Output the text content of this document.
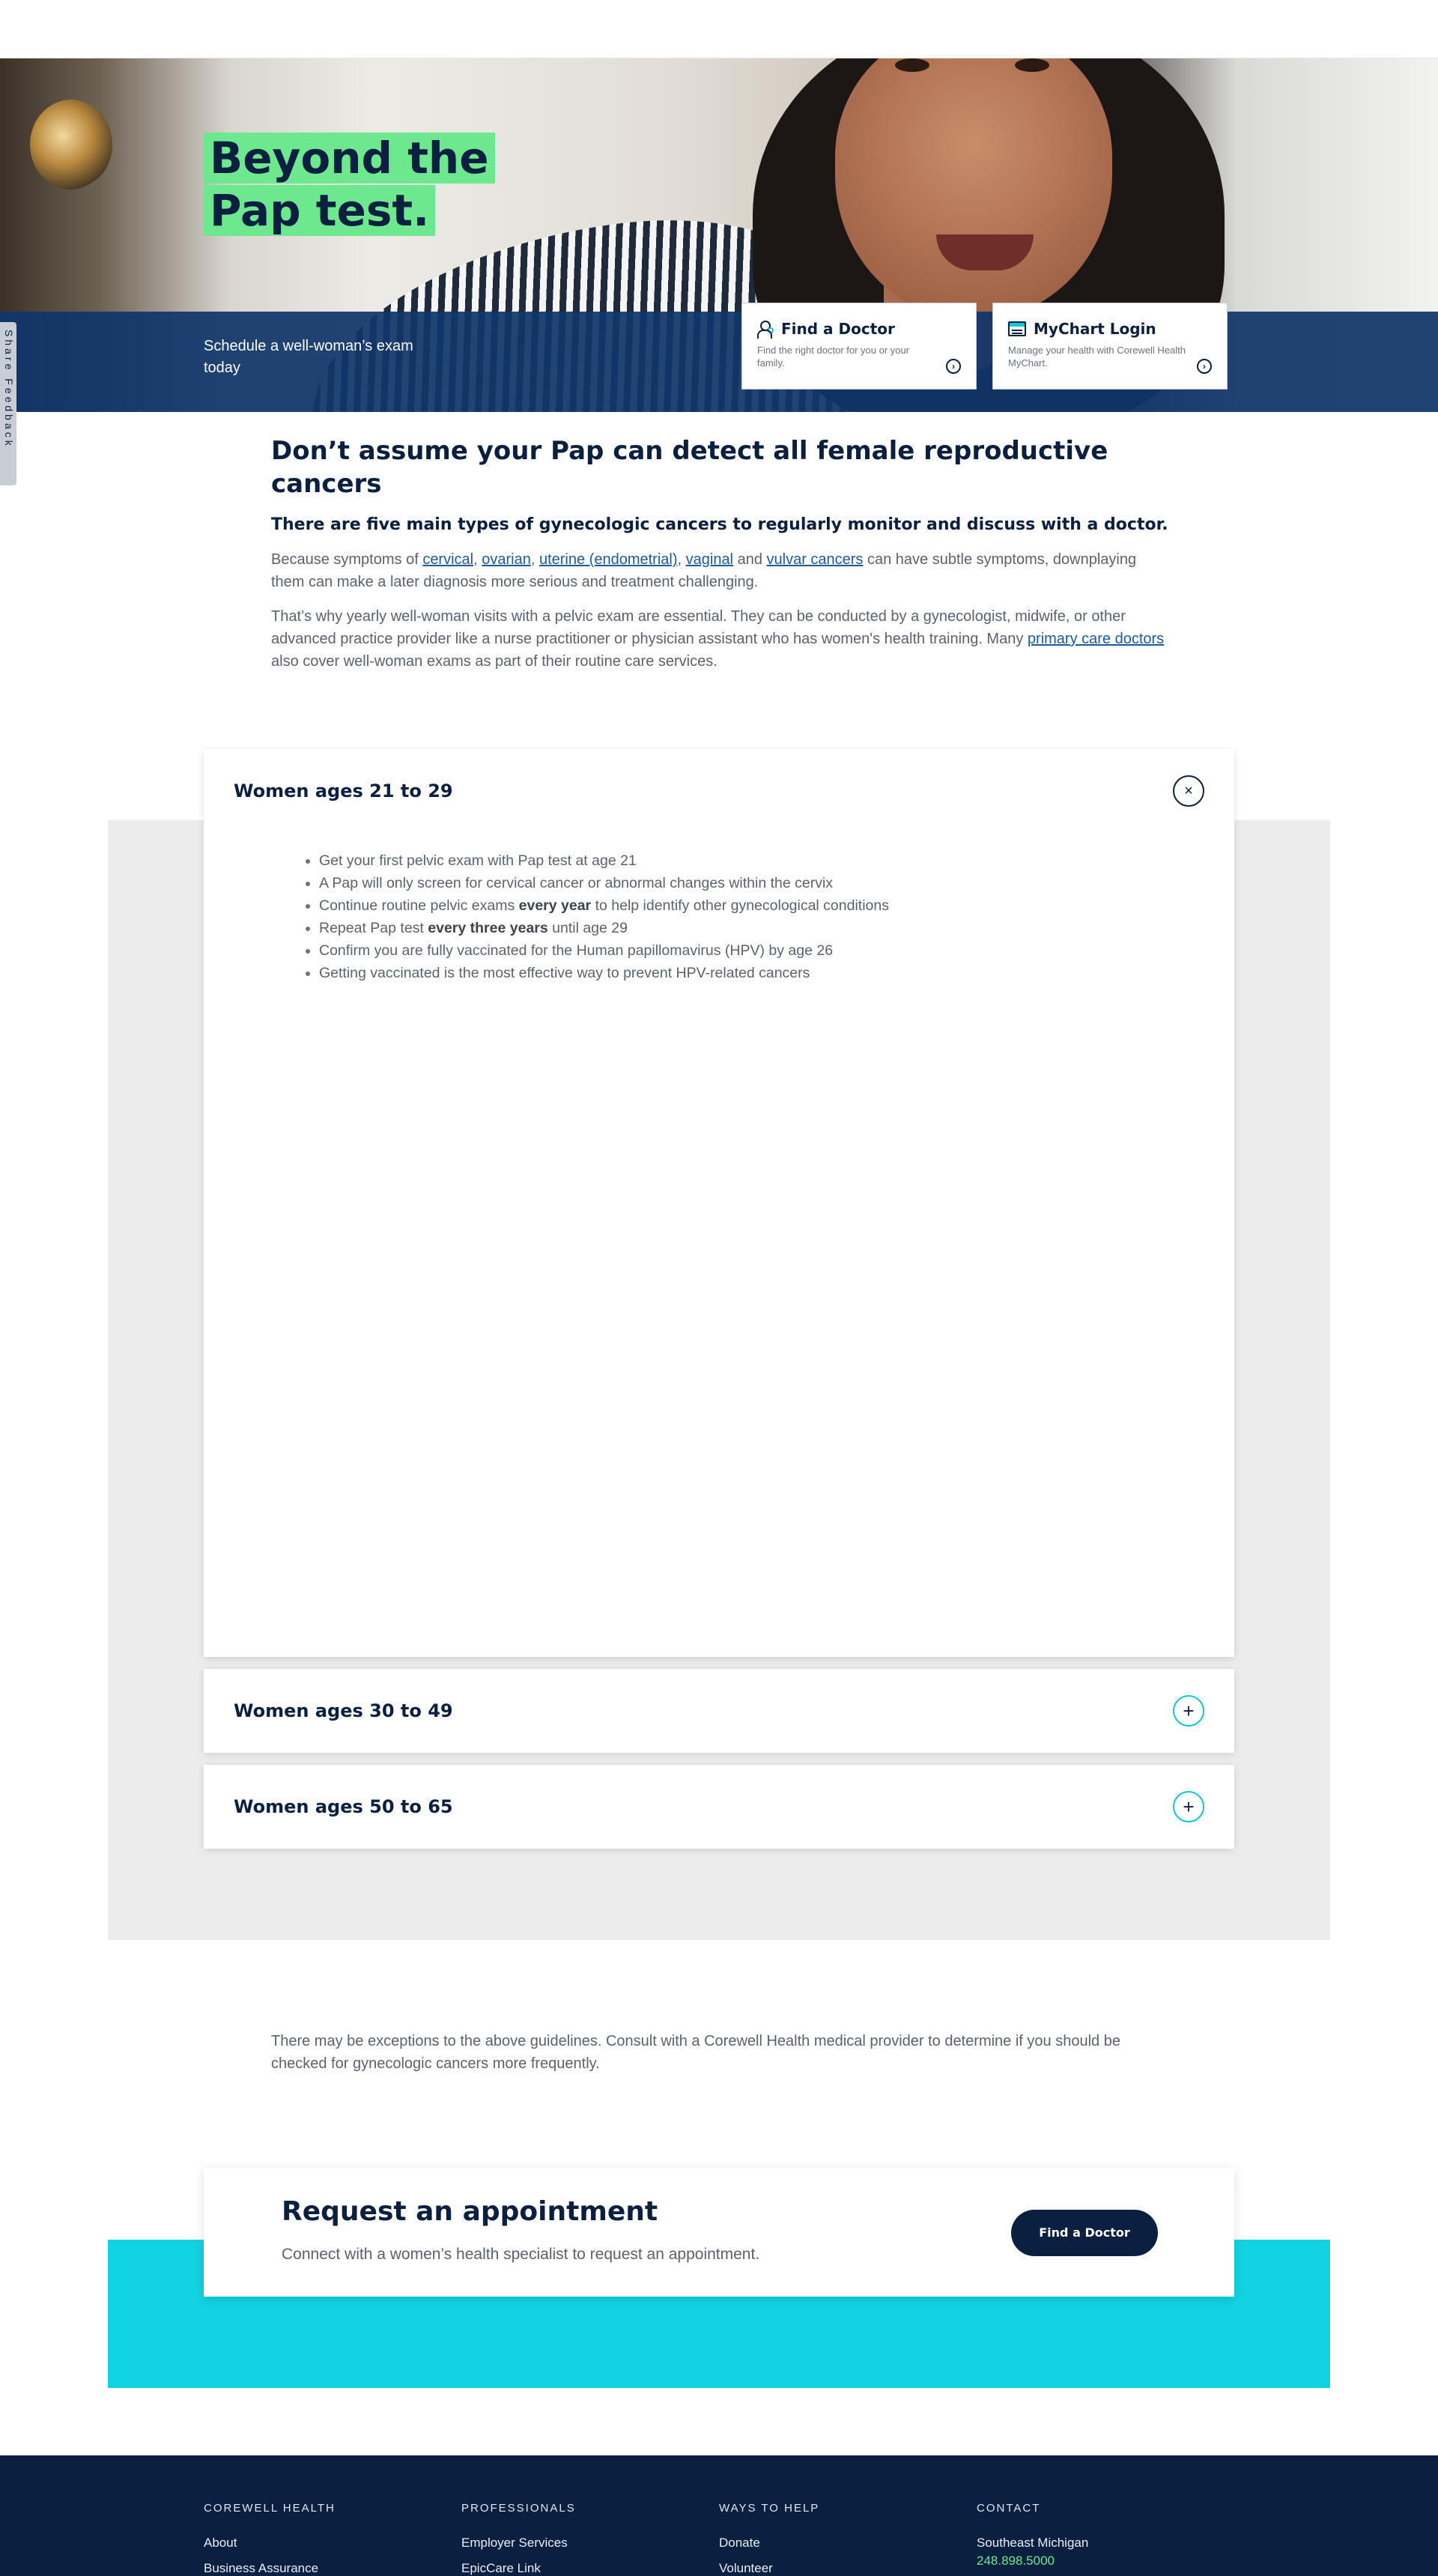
Beyond the Pap test.
Schedule a well-woman’s exam today
Find a Doctor
Find the right doctor for you or your family.	›
MyChart Login
Manage your health with Corewell Health MyChart.	›
Share Feedback
Don’t assume your Pap can detect all female reproductive cancers
There are five main types of gynecologic cancers to regularly monitor and discuss with a doctor.

Because symptoms of cervical, ovarian, uterine (endometrial), vaginal and vulvar cancers can have subtle symptoms, downplaying them can make a later diagnosis more serious and treatment challenging.

That’s why yearly well-woman visits with a pelvic exam are essential. They can be conducted by a gynecologist, midwife, or other advanced practice provider like a nurse practitioner or physician assistant who has women's health training. Many primary care doctors also cover well-woman exams as part of their routine care services.

Women ages 21 to 29	×
• Get your first pelvic exam with Pap test at age 21
• A Pap will only screen for cervical cancer or abnormal changes within the cervix
• Continue routine pelvic exams every year to help identify other gynecological conditions
• Repeat Pap test every three years until age 29
• Confirm you are fully vaccinated for the Human papillomavirus (HPV) by age 26
• Getting vaccinated is the most effective way to prevent HPV-related cancers
Women ages 30 to 49	+
Women ages 50 to 65	+

There may be exceptions to the above guidelines. Consult with a Corewell Health medical provider to determine if you should be checked for gynecologic cancers more frequently.

Request an appointment

Connect with a women’s health specialist to request an appointment.

Find a Doctor
COREWELL HEALTH
About
Business Assurance
PROFESSIONALS
Employer Services
EpicCare Link
WAYS TO HELP
Donate
Volunteer
CONTACT
Southeast Michigan
248.898.5000
